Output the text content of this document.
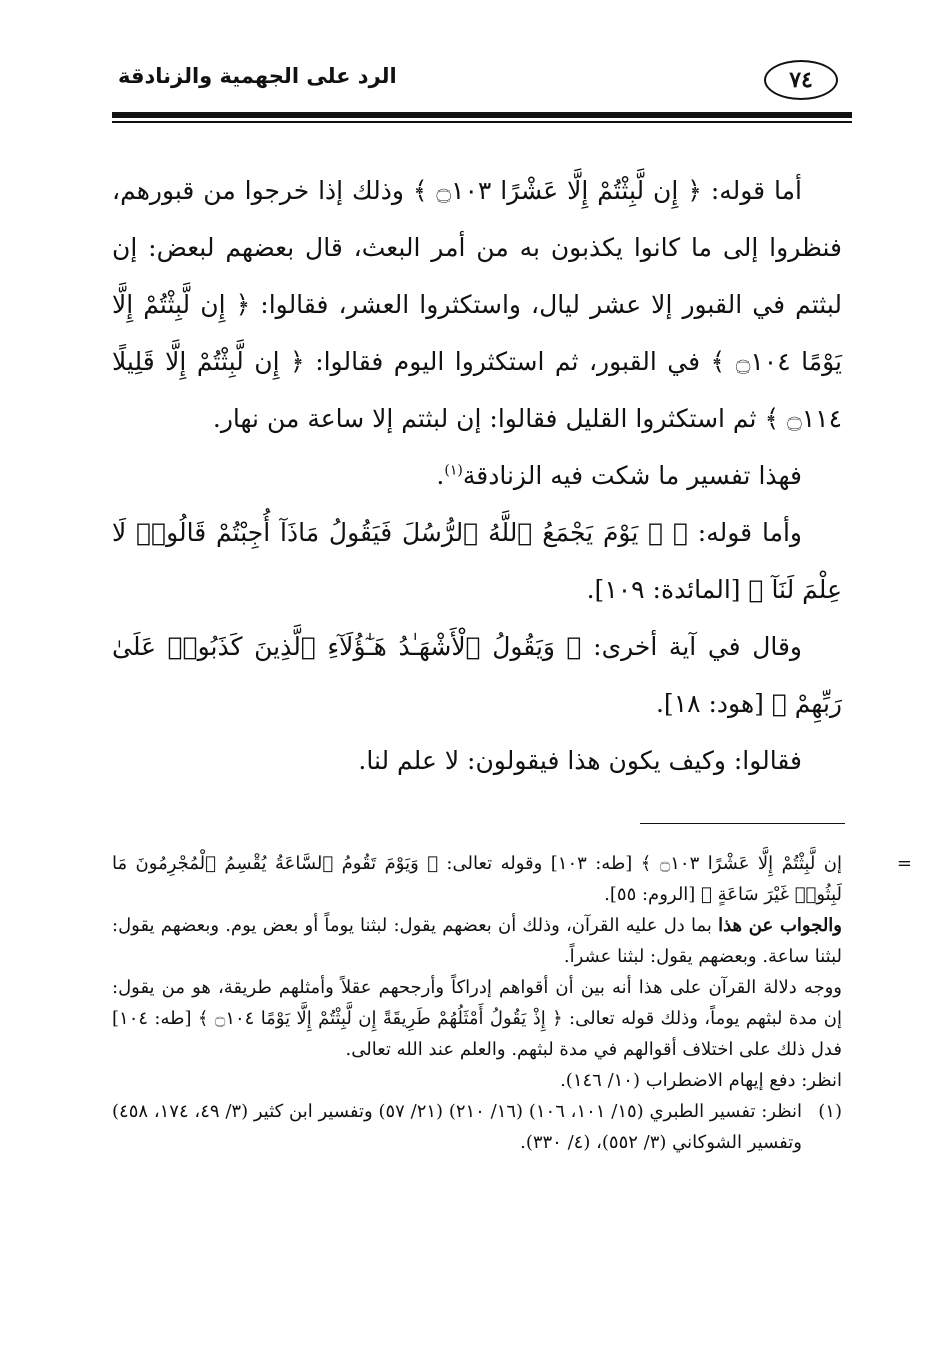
٧٤
الرد على الجهمية والزنادقة

أما قوله: ﴿ إِن لَّبِثْتُمْ إِلَّا عَشْرًا ۝١٠٣ ﴾ وذلك إذا خرجوا من قبورهم، فنظروا إلى ما كانوا يكذبون به من أمر البعث، قال بعضهم لبعض: إن لبثتم في القبور إلا عشر ليال، واستكثروا العشر، فقالوا: ﴿ إِن لَّبِثْتُمْ إِلَّا يَوْمًا ۝١٠٤ ﴾ في القبور، ثم استكثروا اليوم فقالوا: ﴿ إِن لَّبِثْتُمْ إِلَّا قَلِيلًا ۝١١٤ ﴾ ثم استكثروا القليل فقالوا: إن لبثتم إلا ساعة من نهار.

فهذا تفسير ما شكت فيه الزنادقة$^{(١)}$.

وأما قوله: ﴿ ۞ يَوْمَ يَجْمَعُ ٱللَّهُ ٱلرُّسُلَ فَيَقُولُ مَاذَآ أُجِبْتُمْ قَالُوا۟ لَا عِلْمَ لَنَآ ﴾ [المائدة: ١٠٩].

وقال في آية أخرى: ﴿ وَيَقُولُ ٱلْأَشْهَـٰدُ هَـٰٓؤُلَآءِ ٱلَّذِينَ كَذَبُوا۟ عَلَىٰ رَبِّهِمْ ﴾ [هود: ١٨].

فقالوا: وكيف يكون هذا فيقولون: لا علم لنا.

=
إن لَّبِثْتُمْ إِلَّا عَشْرًا ۝١٠٣ ﴾ [طه: ١٠٣] وقوله تعالى: ﴿ وَيَوْمَ تَقُومُ ٱلسَّاعَةُ يُقْسِمُ ٱلْمُجْرِمُونَ مَا لَبِثُوا۟ غَيْرَ سَاعَةٍ ﴾ [الروم: ٥٥].

والجواب عن هذا بما دل عليه القرآن، وذلك أن بعضهم يقول: لبثنا يوماً أو بعض يوم. وبعضهم يقول: لبثنا ساعة. وبعضهم يقول: لبثنا عشراً.

ووجه دلالة القرآن على هذا أنه بين أن أقواهم إدراكاً وأرجحهم عقلاً وأمثلهم طريقة، هو من يقول: إن مدة لبثهم يوماً، وذلك قوله تعالى: ﴿ إِذْ يَقُولُ أَمْثَلُهُمْ طَرِيقَةً إِن لَّبِثْتُمْ إِلَّا يَوْمًا ۝١٠٤ ﴾ [طه: ١٠٤] فدل ذلك على اختلاف أقوالهم في مدة لبثهم. والعلم عند الله تعالى.

انظر: دفع إيهام الاضطراب (١٠/ ١٤٦).

(١)
انظر: تفسير الطبري (١٥/ ١٠١، ١٠٦) (١٦/ ٢١٠) (٢١/ ٥٧) وتفسير ابن كثير (٣/ ٤٩، ١٧٤، ٤٥٨) وتفسير الشوكاني (٣/ ٥٥٢)، (٤/ ٣٣٠).
